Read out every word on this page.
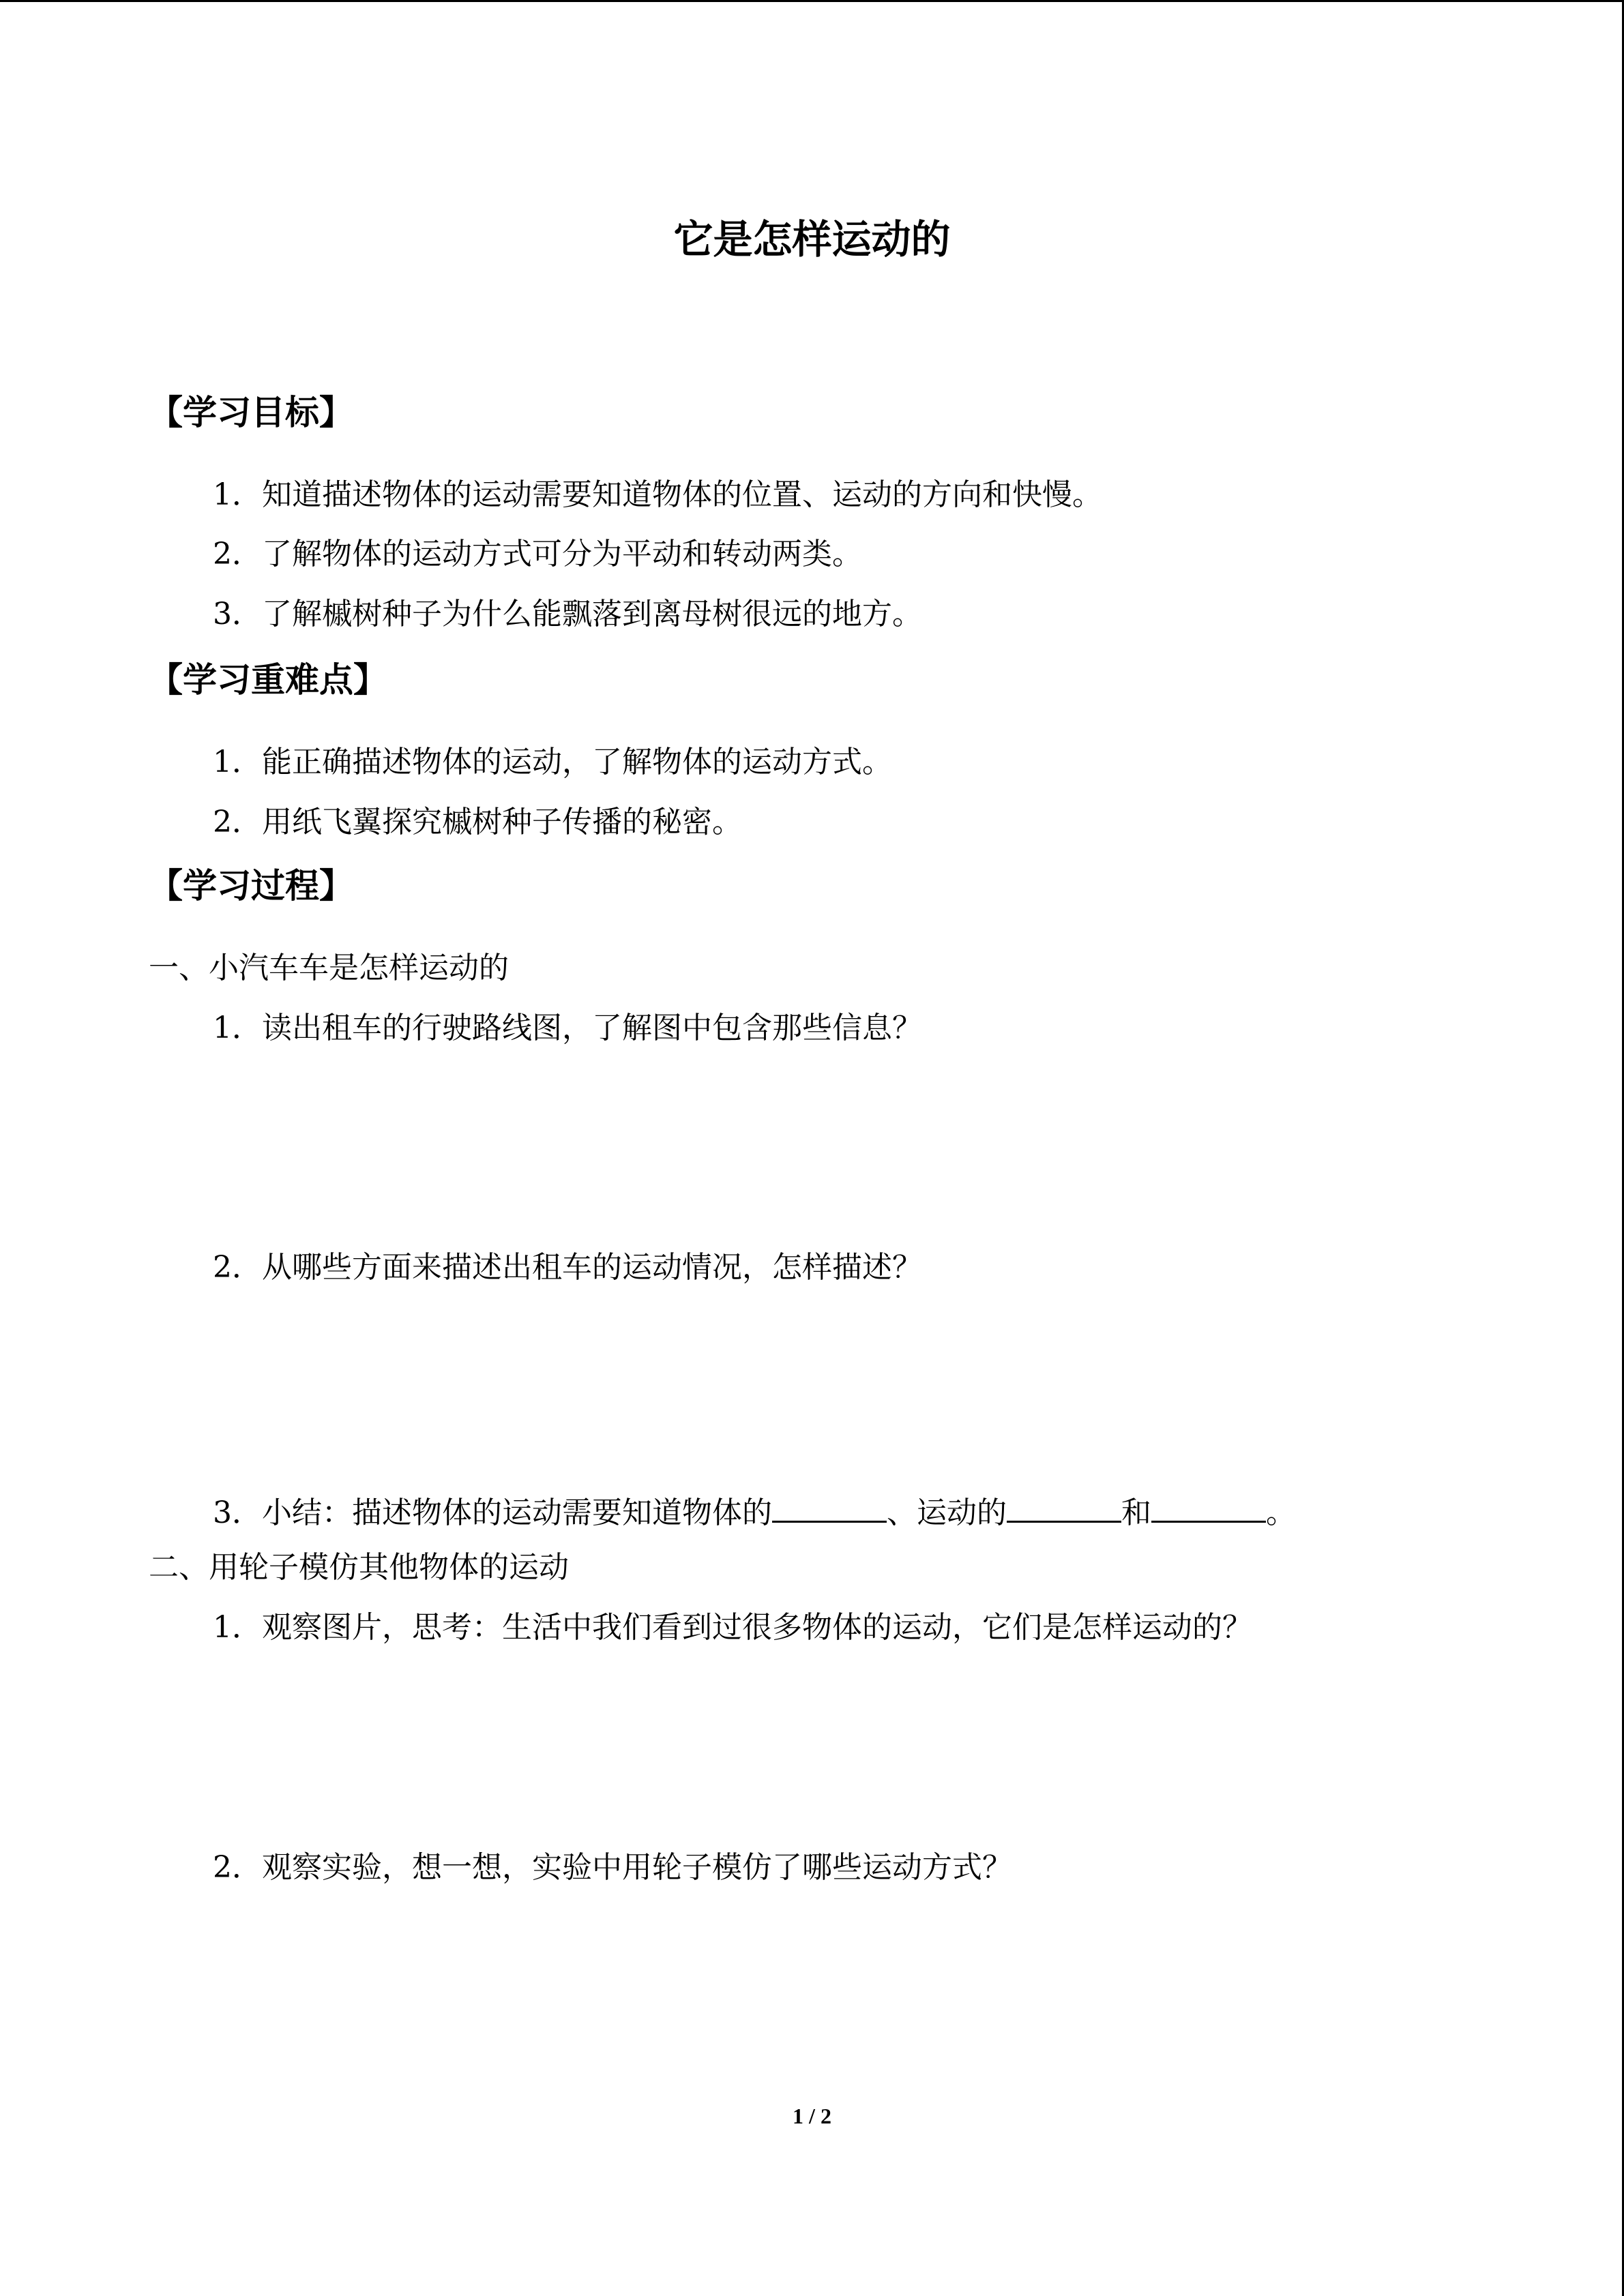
它是怎样运动的
【学习目标】
1．知道描述物体的运动需要知道物体的位置、运动的方向和快慢。
2．了解物体的运动方式可分为平动和转动两类。
3．了解槭树种子为什么能飘落到离母树很远的地方。
【学习重难点】
1．能正确描述物体的运动，了解物体的运动方式。
2．用纸飞翼探究槭树种子传播的秘密。
【学习过程】
一、小汽车车是怎样运动的
1．读出租车的行驶路线图，了解图中包含那些信息？
2．从哪些方面来描述出租车的运动情况，怎样描述？
3．小结：描述物体的运动需要知道物体的	、运动的	和	。
二、用轮子模仿其他物体的运动
1．观察图片，思考：生活中我们看到过很多物体的运动，它们是怎样运动的？
2．观察实验，想一想，实验中用轮子模仿了哪些运动方式？
1 / 2
